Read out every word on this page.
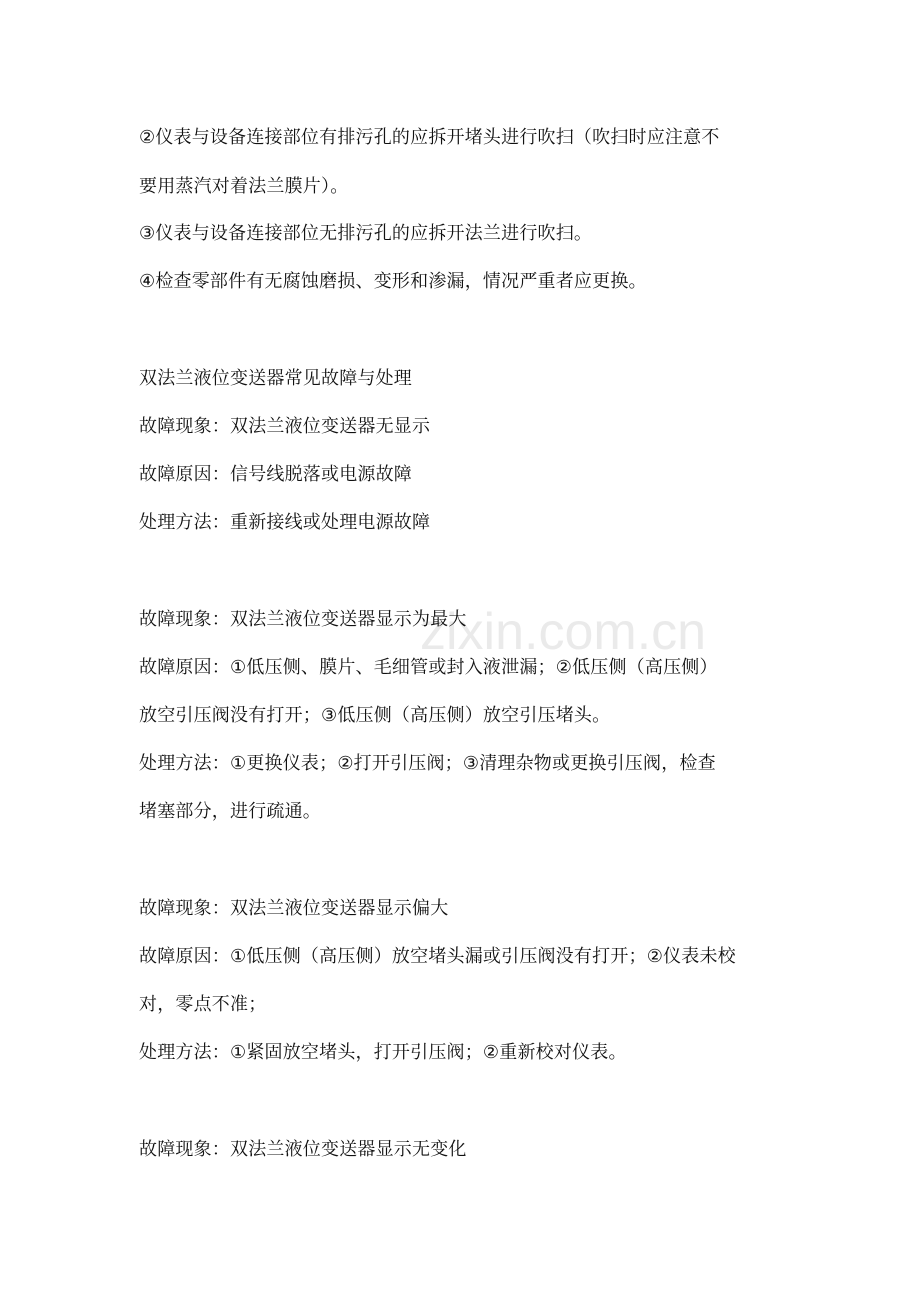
zixin.com.cn
②仪表与设备连接部位有排污孔的应拆开堵头进行吹扫（吹扫时应注意不
要用蒸汽对着法兰膜片）。
③仪表与设备连接部位无排污孔的应拆开法兰进行吹扫。
④检查零部件有无腐蚀磨损、变形和渗漏，情况严重者应更换。
双法兰液位变送器常见故障与处理
故障现象：双法兰液位变送器无显示
故障原因：信号线脱落或电源故障
处理方法：重新接线或处理电源故障
故障现象：双法兰液位变送器显示为最大
故障原因：①低压侧、膜片、毛细管或封入液泄漏；②低压侧（高压侧）
放空引压阀没有打开；③低压侧（高压侧）放空引压堵头。
处理方法：①更换仪表；②打开引压阀；③清理杂物或更换引压阀，检查
堵塞部分，进行疏通。
故障现象：双法兰液位变送器显示偏大
故障原因：①低压侧（高压侧）放空堵头漏或引压阀没有打开；②仪表未校
对，零点不准；
处理方法：①紧固放空堵头，打开引压阀；②重新校对仪表。
故障现象：双法兰液位变送器显示无变化
